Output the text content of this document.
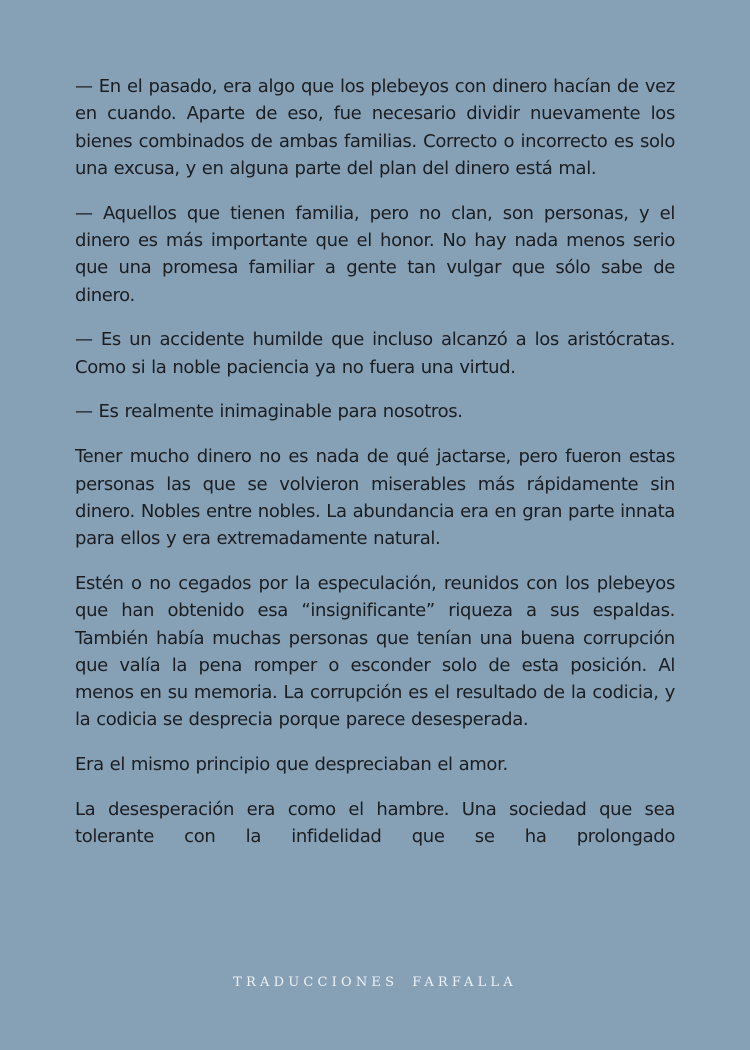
— En el pasado, era algo que los plebeyos con dinero hacían de vez en cuando. Aparte de eso, fue necesario dividir nuevamente los bienes combinados de ambas familias. Correcto o incorrecto es solo una excusa, y en alguna parte del plan del dinero está mal.

— Aquellos que tienen familia, pero no clan, son personas, y el dinero es más importante que el honor. No hay nada menos serio que una promesa familiar a gente tan vulgar que sólo sabe de dinero.

— Es un accidente humilde que incluso alcanzó a los aristócratas. Como si la noble paciencia ya no fuera una virtud.

— Es realmente inimaginable para nosotros.

Tener mucho dinero no es nada de qué jactarse, pero fueron estas personas las que se volvieron miserables más rápidamente sin dinero. Nobles entre nobles. La abundancia era en gran parte innata para ellos y era extremadamente natural.

Estén o no cegados por la especulación, reunidos con los plebeyos que han obtenido esa “insignificante” riqueza a sus espaldas. También había muchas personas que tenían una buena corrupción que valía la pena romper o esconder solo de esta posición. Al menos en su memoria. La corrupción es el resultado de la codicia, y la codicia se desprecia porque parece desesperada.

Era el mismo principio que despreciaban el amor.

La desesperación era como el hambre. Una sociedad que sea tolerante con la infidelidad que se ha prolongado

TRADUCCIONES FARFALLA
